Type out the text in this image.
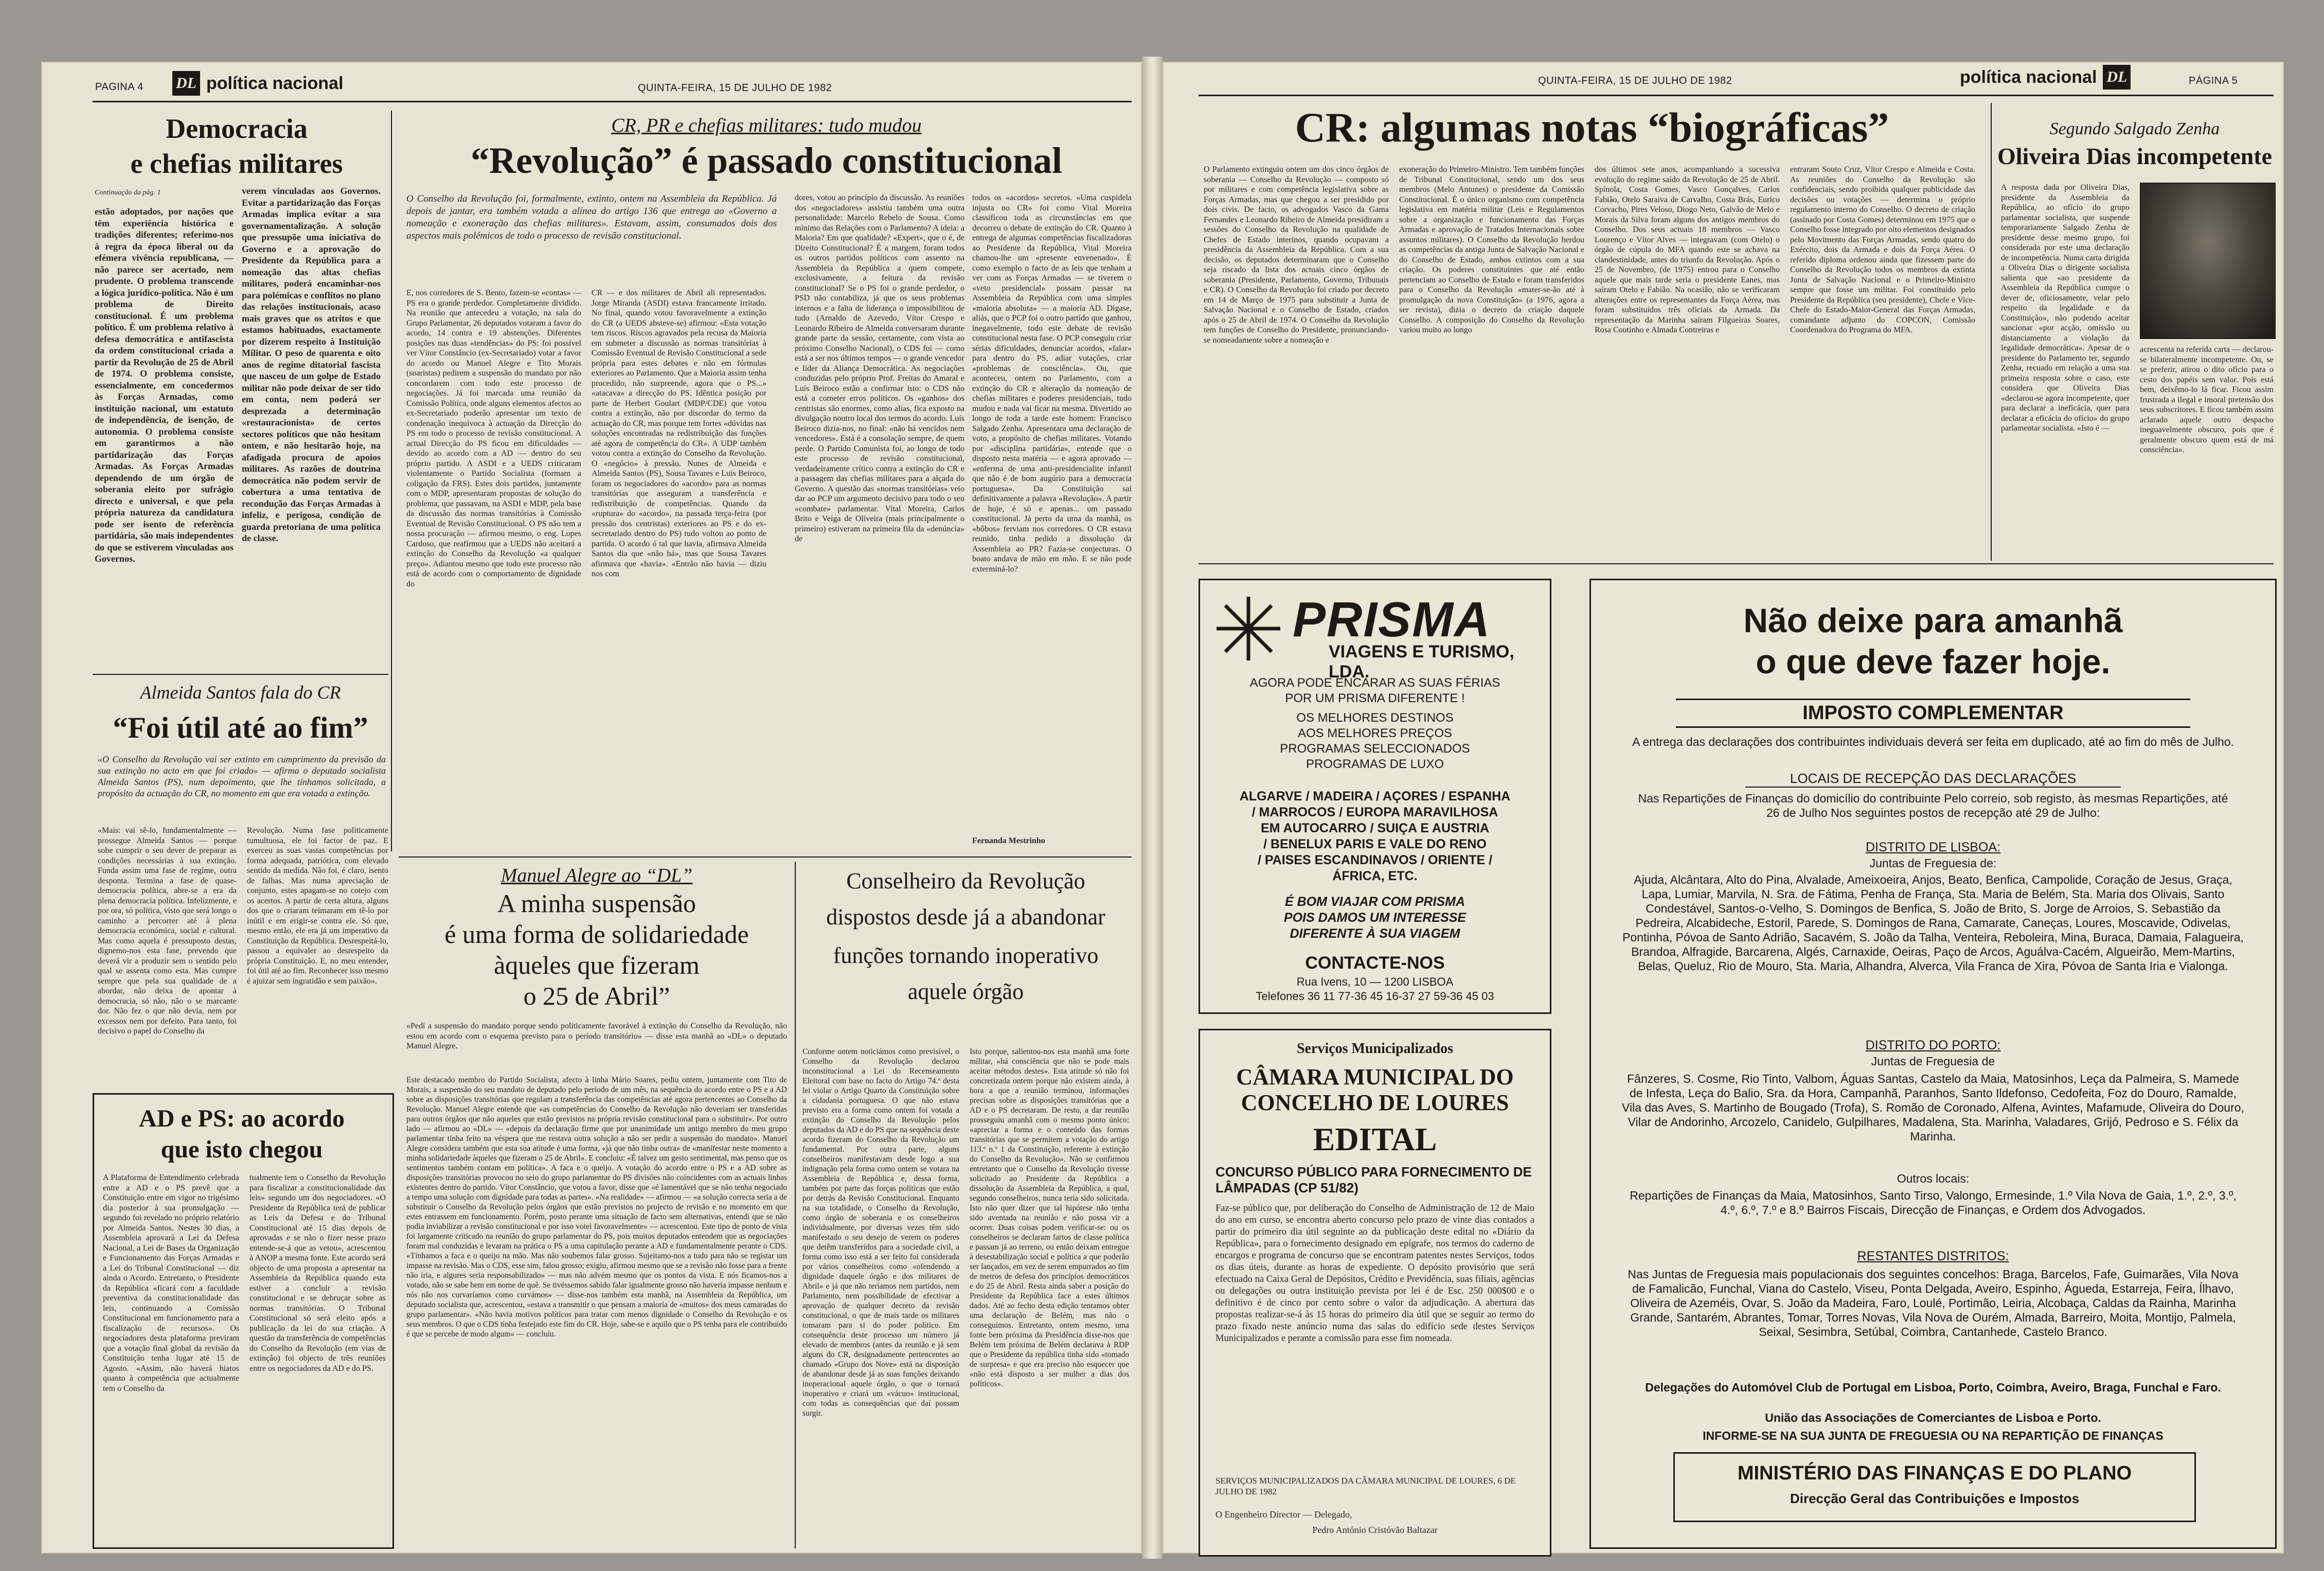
PAGINA 4 DL política nacional	QUINTA-FEIRA, 15 DE JULHO DE 1982
Democracia
e chefias militares
Continuação da pág. 1
estão adoptados, por nações que têm experiência histórica e tradições diferentes; referimo-nos à regra da época liberal ou da efémera vivência republicana, — não parece ser acertado, nem prudente. O problema transcende a lógica jurídico-política. Não é um problema de Direito constitucional. É um problema político. É um problema relativo à defesa democrática e antifascista da ordem constitucional criada a partir da Revolução de 25 de Abril de 1974. O problema consiste, essencialmente, em concedermos às Forças Armadas, como instituição nacional, um estatuto de independência, de isenção, de autonomia. O problema consiste em garantirmos a não partidarização das Forças Armadas. As Forças Armadas dependendo de um órgão de soberania eleito por sufrágio directo e universal, e que pela própria natureza da candidatura pode ser isento de referência partidária, são mais independentes do que se estiverem vinculadas aos Governos.
verem vinculadas aos Governos. Evitar a partidarização das Forças Armadas implica evitar a sua governamentalização. A solução que pressupõe uma iniciativa do Governo e a aprovação do Presidente da República para a nomeação das altas chefias militares, poderá encaminhar-nos para polémicas e conflitos no plano das relações institucionais, acaso mais graves que os atritos e que estamos habituados, exactamente por dizerem respeito à Instituição Militar. O peso de quarenta e oito anos de regime ditatorial fascista que nasceu de um golpe de Estado militar não pode deixar de ser tido em conta, nem poderá ser desprezada a determinação «restauracionista» de certos sectores políticos que não hesitam ontem, e não hesitarão hoje, na afadigada procura de apoios militares. As razões de doutrina democrática não podem servir de cobertura a uma tentativa de recondução das Forças Armadas à infeliz, e perigosa, condição de guarda pretoriana de uma política de classe.
CR, PR e chefias militares: tudo mudou
“Revolução” é passado constitucional
O Conselho da Revolução foi, formalmente, extinto, ontem na Assembleia da República. Já depois de jantar, era também votada a alínea do artigo 136 que entrega ao «Governo a nomeação e exoneração das chefias militares». Estavam, assim, consumados dois dos aspectos mais polémicos de todo o processo de revisão constitucional.
E, nos corredores de S. Bento, fazem-se «contas» — PS era o grande perdedor. Completamente dividido. Na reunião que antecedeu a votação, na sala do Grupo Parlamentar, 26 deputados votaram a favor do acordo, 14 contra e 19 abstenções. Diferentes posições nas duas «tendências» do PS: foi possível ver Vítor Constâncio (ex-Secretariado) votar a favor do acordo ou Manuel Alegre e Tito Morais (soaristas) pedirem a suspensão do mandato por não concordarem com todo este processo de negociações. Já foi marcada uma reunião da Comissão Política, onde alguns elementos afectos ao ex-Secretariado poderão apresentar um texto de condenação inequívoca à actuação da Direcção do PS em todo o processo de revisão constitucional. A actual Direcção do PS ficou em dificuldades — devido ao acordo com a AD — dentro do seu próprio partido. A ASDI e a UEDS criticaram violentamente o Partido Socialista (formam a coligação da FRS). Estes dois partidos, juntamente com o MDP, apresentaram propostas de solução do problema, que passavam, na ASDI e MDP, pela base da discussão das normas transitórias à Comissão Eventual de Revisão Constitucional. O PS não tem a nossa procuração — afirmou mesmo, o eng. Lopes Cardoso, que reafirmou que a UEDS não aceitará a extinção do Conselho da Revolução «a qualquer preço». Adiantou mesmo que todo este processo não está de acordo com o comportamento de dignidade do
CR — e dos militares de Abril ali representados. Jorge Miranda (ASDI) estava francamente irritado. No final, quando votou favoravelmente a extinção do CR (a UEDS absteve-se) afirmou: «Esta votação tem riscos. Riscos agravados pela recusa da Maioria em submeter a discussão as normas transitórias à Comissão Eventual de Revisão Constitucional a sede própria para estes debates e não em fórmulas exteriores ao Parlamento. Que a Maioria assim tenha procedido, não surpreende, agora que o PS...» «atacava» a direcção do PS. Idêntica posição por parte de Herbert Goulart (MDP/CDE) que votou contra a extinção, não por discordar do termo da actuação do CR, mas porque tem fortes «dúvidas nas soluções encontradas na redistribuição das funções até agora de competência do CR». A UDP também votou contra a extinção do Conselho da Revolução. O «negócio» à pressão. Nunes de Almeida e Almeida Santos (PS), Sousa Tavares e Luís Beiroco, foram os negociadores do «acordo» para as normas transitórias que asseguram a transferência e redistribuição de competências. Quando da «ruptura» do «acordo», na passada terça-feira (por pressão dos centristas) exteriores ao PS e do ex-secretariado dentro do PS) tudo voltou ao ponto de partida. O acordo ó tal que havia, afirmava Almeida Santos dia que «não há», mas que Sousa Tavares afirmava que «havia». «Entrão não havia — diziu nos com
dores, votou ao princípio da discussão. As reuniões dos «negociadores» assistiu também uma outra personalidade: Marcelo Rebelo de Sousa. Como mínimo das Relações com o Parlamento? A ideia: a Maioria? Em que qualidade? «Expert», que o é, de Direito Constitucional? É a margem, foram todos os outros partidos políticos com assento na Assembleia da República a quem compete, exclusivamente, a feitura da revisão constitucional? Se o PS foi o grande perdedor, o PSD não contabiliza, já que os seus problemas internos e a falta de liderança o impossibilitou de tudo (Arnaldo de Azevedo, Vítor Crespo e Leonardo Ribeiro de Almeida conversaram durante grande parte da sessão, certamente, com vista ao próximo Conselho Nacional), o CDS foi — como está a ser nos últimos tempos — o grande vencedor e líder da Aliança Democrática. As negociações conduzidas pelo próprio Prof. Freitas do Amaral e Luís Beiroco estão a confirmar isto: o CDS não está a cometer erros políticos. Os «ganhos» dos centristas são enormes, como alias, fica exposto na divulgação noutro local dos termos do acordo. Luís Beiroco dizia-nos, no final: «não há vencidos nem vencedores». Está é a consolação sempre, de quem perde. O Partido Comunista foi, ao longo de todo este processo de revisão constitucional, verdadeiramente crítico contra a extinção do CR e a passagem das chefias militares para a alçada do Governo. A questão das «normas transitórias» veio dar ao PCP um argumento decisivo para todo o seu «combate» parlamentar. Vital Moreira, Carlos Brito e Veiga de Oliveira (mais principalmente o primeiro) estiveram na primeira fila da «denúncia» de
todos os «acordos» secretos. «Uma cuspidela injusta no CR» foi como Vital Moreira classificou toda as circunstâncias em que decorreu o debate de extinção do CR. Quanto à entrega de algumas competências fiscalizadoras ao Presidente da República, Vital Moreira chamou-lhe um «presente envenenado». É como exemplo o facto de as leis que tenham a ver com as Forças Armadas — se tiverem o «veto presidencial» possam passar na Assembleia da República com uma simples «maioria absoluta» — a maioria AD. Digase, aliás, que o PCP foi o outro partido que ganhou, inegavelmente, todo este debate de revisão constitucional nesta fase. O PCP conseguiu criar sérias dificuldades, denunciar acordos, «falar» para dentro do PS, adiar votações, criar «problemas de consciência». Ou, que aconteceu, ontem no Parlamento, com a extinção do CR e alteração da nomeação de chefias militares e poderes presidenciais, tudo mudou e nada vai ficar na mesma. Divertido ao longo de toda a tarde este homem: Francisco Salgado Zenha. Apresentara uma declaração de voto, a propósito de chefias militares. Votando por «disciplina partidária», entende que o disposto nesta matéria — e agora aprovado — «enferma de uma anti-presidencialite infantil que não é de bom augúrio para a democracia portuguesa». Da Constituição sai definitivamente a palavra «Revolução». A partir de hoje, é só e apenas... um passado constitucional. Já perto da uma da manhã, os «bôbos» ferviam nos corredores. O CR estava reunido, tinha pedido a dissolução da Assembleia ao PR? Fazia-se conjecturas. O boato andava de mão em mão. E se não pode exterminá-lo?
Fernanda Mestrinho
Almeida Santos fala do CR
“Foi útil até ao fim”
«O Conselho da Revolução vai ser extinto em cumprimento da previsão da sua extinção no acto em que foi criado» — afirma o deputado socialista Almeida Santos (PS), num depoimento, que lhe tínhamos solicitado, a propósito da actuação do CR, no momento em que era votada a extinção.
«Mais: vai sê-lo, fundamentalmente — prossegue Almeida Santos — porque sobe cumprir o seu dever de preparar as condições necessárias à sua extinção. Funda assim uma fase de regime, outra desponta. Termina a fase de quase-democracia política, abre-se a era da plena democracia política. Infelizmente, e por ora, só política, visto que será longo o caminho a percorrer até à plena democracia económica, social e cultural. Mas como aquela é pressuposto destas, dignemo-nos esta fase, prevendo que deverá vir a produzir sem o sentido pelo qual se assenta como esta. Mas cumpre sempre que pela sua qualidade de a abordar, não deixa de apontar à democracia, só não, não o se marcante dor. Não fez o que não devia, nem por excessos nem por defeito. Para tanto, foi decisivo o papel do Conselho da
Revolução. Numa fase politicamente tumultuosa, ele foi factor de paz. E exerceu as suas vastas competências por forma adequada, patriótica, com elevado sentido da medida. Não foi, é claro, isento de falhas. Mas numa apreciação de conjunto, estes apagam-se no cotejo com os acertos. A partir de certa altura, alguns dos que o criaram teimaram em tê-lo por inútil e em erigir-se contra ele. Só que, mesmo então, ele era já um imperativo da Constituição da República. Desrespeitá-lo, passou a equivaler ao desrespeito da própria Constituição. E, no meu entender, foi útil até ao fim. Reconhecer isso mesmo é ajuizar sem ingratidão e sem paixão».
AD e PS: ao acordo
que isto chegou
A Plataforma de Entendimento celebrada entre a AD e o PS prevê que a Constituição entre em vigor no trigésimo dia posterior à sua promulgação — segundo foi revelado no próprio relatório por Almeida Santos. Nestes 30 dias, a Assembleia aprovará a Lei da Defesa Nacional, a Lei de Bases da Organização e Funcionamento das Forças Armadas e a Lei do Tribunal Constitucional — diz ainda o Acordo. Entretanto, o Presidente da República «ficará com a faculdade preventiva da constitucionalidade das leis, continuando a Comissão Constitucional em funcionamento para a fiscalização de recursos». Os negociadores desta plataforma previram que a votação final global da revisão da Constituição tenha lugar até 15 de Agosto. «Assim, não haverá hiatos quanto à competência que actualmente tem o Conselho da
tualmente tem o Conselho da Revolução para fiscalizar a constitucionalidade das leis» segundo um dos negociadores. «O Presidente da República terá de publicar as Leis da Defesa e do Tribunal Constitucional até 15 dias depois de aprovadas e se não o fizer nesse prazo entende-se-á que as vetou», acrescentou à ANOP a mesma fonte. Este acordo será objecto de uma proposta a apresentar na Assembleia da República quando esta estiver a concluir a revisão constitucional e se debruçar sobre as normas transitórias. O Tribunal Constitucional só será eleito após a publicação da lei do sua criação. A questão da transferência de competências do Conselho da Revolução (em vias de extinção) foi objecto de três reuniões entre os negociadores da AD e do PS.
Manuel Alegre ao “DL”
A minha suspensão
é uma forma de solidariedade
àqueles que fizeram
o 25 de Abril”
«Pedi a suspensão do mandato porque sendo politicamente favorável à extinção do Conselho da Revolução, não estou em acordo com o esquema previsto para o período transitório» — disse esta manhã ao «DL» o deputado Manuel Alegre.
Este destacado membro do Partido Socialista, afecto à linha Mário Soares, pediu ontem, juntamente com Tito de Morais, a suspensão do seu mandato de deputado pelo período de um mês, na sequência do acordo entre o PS e a AD sobre as disposições transitórias que regulam a transferência das competências até agora pertencentes ao Conselho da Revolução. Manuel Alegre entende que «as competências do Conselho da Revolução não deveriam ser transferidas para outros órgãos que não aqueles que estão previstos na própria revisão constitucional para o substituir». Por outro lado — afirmou ao «DL» — «depois da declaração firme que por unanimidade um antigo membro do meu grupo parlamentar tinha feito na véspera que me restava outra solução a não ser pedir a suspensão do mandato». Manuel Alegre considera também que esta sua atitude é uma forma, «já que não tinha outra» de «manifestar neste momento a minha solidariedade àqueles que fizeram o 25 de Abril». E concluiu: «É talvez um gesto sentimental, mas penso que os sentimentos também contam em política». A faca e o queijo. A votação do acordo entre o PS e a AD sobre as disposições transitórias provocou no seio do grupo parlamentar do PS divisões não coincidentes com as actuais linhas existentes dentro do partido. Vítor Constâncio, que votou a favor, disse que «é lamentável que se não tenha negociado a tempo uma solução com dignidade para todas as partes». «Na realidade» — afirmou — «a solução correcta seria a de substituir o Conselho da Revolução pelos órgãos que estão previstos no projecto de revisão e no momento em que estes entrassem em funcionamento. Porém, posto perante uma situação de facto sem alternativas, entendi que se não podia inviabilizar a revisão constitucional e por isso votei favoravelmente» — acrescentou. Este tipo de ponto de vista foi largamente criticado na reunião do grupo parlamentar do PS, pois muitos deputados entendem que as negociações foram mal conduzidas e levaram na prática o PS a uma capitulação perante a AD e fundamentalmente perante o CDS. «Tínhamos a faca e o queijo na mão. Mas não soubemos falar grosso. Sujeitamo-nos a tudo para não se registar um impasse na revisão. Mas o CDS, esse sim, falou grosso; exigiu, afirmou mesmo que se a revisão não fosse para a frente não iria, e algures seria responsabilizado» — mas não advém mesmo que os pontos da vista. E nós ficamos-nos a votado, não se sabe bem em nome de quê. Se tivéssemos sabido falar igualmente grosso não haveria impasse nenhum e nós não nos curvaríamos como curvámos» — disse-nos também esta manhã, na Assembleia da República, um deputado socialista que, acrescentou, «estava a transmitir o que pensam a maioria de «muitos» dos meus camaradas do grupo parlamentar». «Não havia motivos políticos para tratar com menos dignidade o Conselho da Revolução e os seus membros. O que o CDS tinha festejado este fim do CR. Hoje, sabe-se e aquilo que o PS tenha para ele contribuído é que se percebe de modo algum» — concluiu.
Conselheiro da Revolução
dispostos desde já a abandonar
funções tornando inoperativo
aquele órgão
Conforme ontem noticiámos como previsível, o Conselho da Revolução declarou inconstitucional a Lei do Recenseamento Eleitoral com base no facto do Artigo 74.º desta lei violar o Artigo Quarto da Constituição sobre a cidadania portuguesa. O que não estava previsto era a forma como ontem foi votada a extinção do Conselho da Revolução pelos deputados da AD e do PS que na sequência deste acordo fizeram do Conselho da Revolução um fundamental. Por outra parte, alguns conselheiros manifestavam desde logo a sua indignação pela forma como ontem se votara na Assembleia de República e, dessa forma, também por parte das forças políticas que estão por detrás da Revisão Constitucional. Enquanto na sua totalidade, o Conselho da Revolução, como órgão de soberania e os conselheiros individualmente, por diversas vezes têm sido manifestado o seu desejo de verem os poderes que detêm transferidos para a sociedade civil, a forma como isso está a ser feito foi considerada por vários conselheiros como «ofendendo a dignidade daquele órgão e dos militares de Abril» e já que não teríamos nem partidos, nem Parlamento, nem possibilidade de efectivar a aprovação de qualquer decreto da revisão constitucional, o que de mais tarde os militares tomaram para si do poder político. Em consequência deste processo um número já elevado de membros (antes da reunião e já sem alguns do CR, designadamente pertencentes ao chamado «Grupo dos Nove» está na disposição de abandonar desde já as suas funções deixando inoperacional aquele órgão, o que o tornará inoperativo e criará um «vácuo» institucional, com todas as consequências que daí possam surgir.
Isto porque, salientou-nos esta manhã uma forte militar, «há consciência que não se pode mais aceitar métodos destes». Esta atitude só não foi concretizada ontem porque não existem ainda, à hora a que a reunião terminou, informações precisas sobre as disposições transitórias que a AD e o PS decretaram. De resto, a dar reunião prosseguiu amanhã com o mesmo ponto único: «apreciar a forma e o conteúdo das formas transitórias que se permitem a votação do artigo 113.º n.º 1 da Constituição, referente à extinção do Conselho da Revolução». Não se confirmou entretanto que o Conselho da Revolução tivesse solicitado ao Presidente da República a dissolução da Assembleia da República, a qual, segundo conselheiros, nunca teria sido solicitada. Isto não quer dizer que tal hipótese não tenha sido aventada na reunião e não possa vir a ocorrer. Duas coisas podem verificar-se: ou os conselheiros se declaram fartos de classe política e passam já ao terreno, ou então deixam entregue à desestabilização social e política a que poderão ser lançados, em vez de serem empurrados ao fim de metros de defesa dos princípios democráticos e do 25 de Abril. Resta ainda saber a posição do Presidente da República face a estes últimos dados. Até ao fecho desta edição tentamos obter uma declaração de Belém, mas não o conseguimos. Entretanto, ontem mesmo, uma fonte bem próxima da Presidência disse-nos que Belém tem próxima de Belém declarava à RDP que o Presidente da república tinha sido «tomado de surpresa» e que era preciso não esquecer que «não está disposto a ser mulher a dias dos políticos».
QUINTA-FEIRA, 15 DE JULHO DE 1982	política nacional DL	PÁGINA 5
CR: algumas notas “biográficas”
O Parlamento extinguiu ontem um dos cinco órgãos de soberania — Conselho da Revolução — composto só por militares e com competência legislativa sobre as Forças Armadas, mas que chegou a ser presidido por dois civis. De facto, os advogados Vasco da Gama Fernandes e Leonardo Ribeiro de Almeida presidiram a sessões do Conselho da Revolução na qualidade de Chefes de Estado interinos, quando ocupavam a presidência da Assembleia da República. Com a sua decisão, os deputados determinaram que o Conselho seja riscado da lista dos actuais cinco órgãos de soberania (Presidente, Parlamento, Governo, Tribunais e CR). O Conselho da Revolução foi criado por decreto em 14 de Março de 1975 para substituir a Junta de Salvação Nacional e o Conselho de Estado, criados após o 25 de Abril de 1974. O Conselho da Revolução tem funções de Conselho do Presidente, pronunciando-se nomeadamente sobre a nomeação e
exoneração do Primeiro-Ministro. Tem também funções de Tribunal Constitucional, sendo um dos seus membros (Melo Antunes) o presidente da Comissão Constitucional. É o único organismo com competência legislativa em matéria militar (Leis e Regulamentos sobre a organização e funcionamento das Forças Armadas e aprovação de Tratados Internacionais sobre assuntos militares). O Conselho da Revolução herdou as competências da antiga Junta de Salvação Nacional e do Conselho de Estado, ambos extintos com a sua criação. Os poderes constituintes que até então pertenciam ao Conselho de Estado e foram transferidos para o Conselho da Revolução «mater-se-ão até à promulgação da nova Constituição» (a 1976, agora a ser revista), dizia o decreto da criação daquele Conselho. A composição do Conselho da Revolução variou muito ao longo
dos últimos sete anos, acompanhando a sucessiva evolução do regime saído da Revolução de 25 de Abril. Spínola, Costa Gomes, Vasco Gonçalves, Carlos Fabião, Otelo Saraiva de Carvalho, Costa Brás, Eurico Corvacho, Pires Veloso, Diogo Neto, Galvão de Melo e Morais da Silva foram alguns dos antigos membros do Conselho. Dos seus actuais 18 membros — Vasco Lourenço e Vítor Alves — integravam (com Otelo) o órgão de cúpula do MFA quando este se achava na clandestinidade, antes do triunfo da Revolução. Após o 25 de Novembro, (de 1975) entrou para o Conselho aquele que mais tarde seria o presidente Eanes, mas saíram Otelo e Fabião. Na ocasião, não se verificaram alterações entre os representantes da Força Aérea, mas foram substituídos três oficiais da Armada. Da representação da Marinha saíram Filgueiras Soares, Rosa Coutinho e Almada Contreiras e
entraram Souto Cruz, Vítor Crespo e Almeida e Costa. As reuniões do Conselho da Revolução são confidenciais, sendo proibida qualquer publicidade das decisões ou votações — determina o próprio regulamento interno do Conselho. O decreto de criação (assinado por Costa Gomes) determinou em 1975 que o Conselho fosse integrado por oito elementos designados pelo Movimento das Forças Armadas, sendo quatro do Exército, dois da Armada e dois da Força Aérea. O referido diploma ordenou ainda que fizessem parte do Conselho da Revolução todos os membros da extinta Junta de Salvação Nacional e o Primeiro-Ministro sempre que fosse um militar. Foi constituído pelo Presidente da República (seu presidente), Chefe e Vice-Chefe do Estado-Maior-General das Forças Armadas, comandante adjunto do COPCON, Comissão Coordenadora do Programa do MFA.
Segundo Salgado Zenha
Oliveira Dias incompetente
A resposta dada por Oliveira Dias, presidente da Assembleia da República, ao ofício do grupo parlamentar socialista, que suspende temporariamente Salgado Zenha de presidente desse mesmo grupo, foi considerada por este uma declaração de incompetência. Numa carta dirigida a Oliveira Dias o dirigente socialista salienta que «ao presidente da Assembleia da República cumpre o dever de, oficiosamente, velar pelo respeito da legalidade e da Constituição», não podendo aceitar sancionar «por acção, omissão ou distanciamento a violação da legalidade democrática». Apesar de o presidente do Parlamento ter, segundo Zenha, recuado em relação a uma sua primeira resposta sobre o caso, este considera que Oliveira Dias «declarou-se agora incompetente, quer para declarar a ineficácia, quer para declarar a eficácia do ofício» do grupo parlamentar socialista. «Isto é —
acrescenta na referida carta — declarou-se bilateralmente incompetente. Ou, se se preferir, atirou o dito ofício para o cesto dos papéis sem valor. Pois está bem, deixêmo-lo lá ficar. Ficou assim frustrada a ilegal e imoral pretensão dos seus subscritores. E ficou também assim aclarado aquele outro despacho ineguavelmente obscuro, pois que é geralmente obscuro quem está de má consciência».
PRISMA
VIAGENS E TURISMO, LDA.
AGORA PODE ENCARAR AS SUAS FÉRIAS
POR UM PRISMA DIFERENTE !
OS MELHORES DESTINOS
AOS MELHORES PREÇOS
PROGRAMAS SELECCIONADOS
PROGRAMAS DE LUXO
ALGARVE / MADEIRA / AÇORES / ESPANHA
/ MARROCOS / EUROPA MARAVILHOSA
EM AUTOCARRO / SUIÇA E AUSTRIA
/ BENELUX PARIS E VALE DO RENO
/ PAISES ESCANDINAVOS / ORIENTE /
ÁFRICA, ETC.
É BOM VIAJAR COM PRISMA
POIS DAMOS UM INTERESSE
DIFERENTE À SUA VIAGEM
CONTACTE-NOS
Rua Ivens, 10 — 1200 LISBOA
Telefones 36 11 77-36 45 16-37 27 59-36 45 03
Serviços Municipalizados
CÂMARA MUNICIPAL DO
CONCELHO DE LOURES
EDITAL
CONCURSO PÚBLICO PARA FORNECIMENTO DE LÂMPADAS (CP 51/82)
Faz-se público que, por deliberação do Conselho de Administração de 12 de Maio do ano em curso, se encontra aberto concurso pelo prazo de vinte dias contados a partir do primeiro dia útil seguinte ao da publicação deste edital no «Diário da República», para o fornecimento designado em epígrafe, nos termos do caderno de encargos e programa de concurso que se encontram patentes nestes Serviços, todos os dias úteis, durante as horas de expediente. O depósito provisório que será efectuado na Caixa Geral de Depósitos, Crédito e Previdência, suas filiais, agências ou delegações ou outra instituição prevista por lei é de Esc. 250 000$00 e o definitivo é de cinco por cento sobre o valor da adjudicação. A abertura das propostas realizar-se-á às 15 horas do primeiro dia útil que se seguir ao termo do prazo fixado neste anúncio numa das salas do edifício sede destes Serviços Municipalizados e perante a comissão para esse fim nomeada.
SERVIÇOS MUNICIPALIZADOS DA CÂMARA MUNICIPAL DE LOURES, 6 DE JULHO DE 1982
O Engenheiro Director — Delegado,
Pedro António Cristóvão Baltazar
Não deixe para amanhã
o que deve fazer hoje.
IMPOSTO COMPLEMENTAR
A entrega das declarações dos contribuintes individuais deverá ser feita em duplicado, até ao fim do mês de Julho.
LOCAIS DE RECEPÇÃO DAS DECLARAÇÕES
Nas Repartições de Finanças do domicílio do contribuinte Pelo correio, sob registo, às mesmas Repartições, até 26 de Julho Nos seguintes postos de recepção até 29 de Julho:
DISTRITO DE LISBOA:
Juntas de Freguesia de:
Ajuda, Alcântara, Alto do Pina, Alvalade, Ameixoeira, Anjos, Beato, Benfica, Campolide, Coração de Jesus, Graça, Lapa, Lumiar, Marvila, N. Sra. de Fátima, Penha de França, Sta. Maria de Belém, Sta. Maria dos Olivais, Santo Condestável, Santos-o-Velho, S. Domingos de Benfica, S. João de Brito, S. Jorge de Arroios, S. Sebastião da Pedreira, Alcabideche, Estoril, Parede, S. Domingos de Rana, Camarate, Caneças, Loures, Moscavide, Odivelas, Pontinha, Póvoa de Santo Adrião, Sacavém, S. João da Talha, Venteira, Reboleira, Mina, Buraca, Damaia, Falagueira, Brandoa, Alfragide, Barcarena, Algés, Carnaxide, Oeiras, Paço de Arcos, Aguálva-Cacém, Algueirão, Mem-Martins, Belas, Queluz, Rio de Mouro, Sta. Maria, Alhandra, Alverca, Vila Franca de Xira, Póvoa de Santa Iria e Vialonga.
DISTRITO DO PORTO:
Juntas de Freguesia de
Fânzeres, S. Cosme, Rio Tinto, Valbom, Águas Santas, Castelo da Maia, Matosinhos, Leça da Palmeira, S. Mamede de Infesta, Leça do Balio, Sra. da Hora, Campanhã, Paranhos, Santo Ildefonso, Cedofeita, Foz do Douro, Ramalde, Vila das Aves, S. Martinho de Bougado (Trofa), S. Romão de Coronado, Alfena, Avintes, Mafamude, Oliveira do Douro, Vilar de Andorinho, Arcozelo, Canidelo, Gulpilhares, Madalena, Sta. Marinha, Valadares, Grijó, Pedroso e S. Félix da Marinha.
Outros locais:
Repartições de Finanças da Maia, Matosinhos, Santo Tirso, Valongo, Ermesinde, 1.º Vila Nova de Gaia, 1.º, 2.º, 3.º, 4.º, 6.º, 7.º e 8.º Bairros Fiscais, Direcção de Finanças, e Ordem dos Advogados.
RESTANTES DISTRITOS:
Nas Juntas de Freguesia mais populacionais dos seguintes concelhos: Braga, Barcelos, Fafe, Guimarães, Vila Nova de Famalicão, Funchal, Viana do Castelo, Viseu, Ponta Delgada, Aveiro, Espinho, Águeda, Estarreja, Feira, Ílhavo, Oliveira de Azeméis, Ovar, S. João da Madeira, Faro, Loulé, Portimão, Leiria, Alcobaça, Caldas da Rainha, Marinha Grande, Santarém, Abrantes, Tomar, Torres Novas, Vila Nova de Ourém, Almada, Barreiro, Moita, Montijo, Palmela, Seixal, Sesimbra, Setúbal, Coimbra, Cantanhede, Castelo Branco.
Delegações do Automóvel Club de Portugal em Lisboa, Porto, Coimbra, Aveiro, Braga, Funchal e Faro.
União das Associações de Comerciantes de Lisboa e Porto.
INFORME-SE NA SUA JUNTA DE FREGUESIA OU NA REPARTIÇÃO DE FINANÇAS
MINISTÉRIO DAS FINANÇAS E DO PLANO
Direcção Geral das Contribuições e Impostos
